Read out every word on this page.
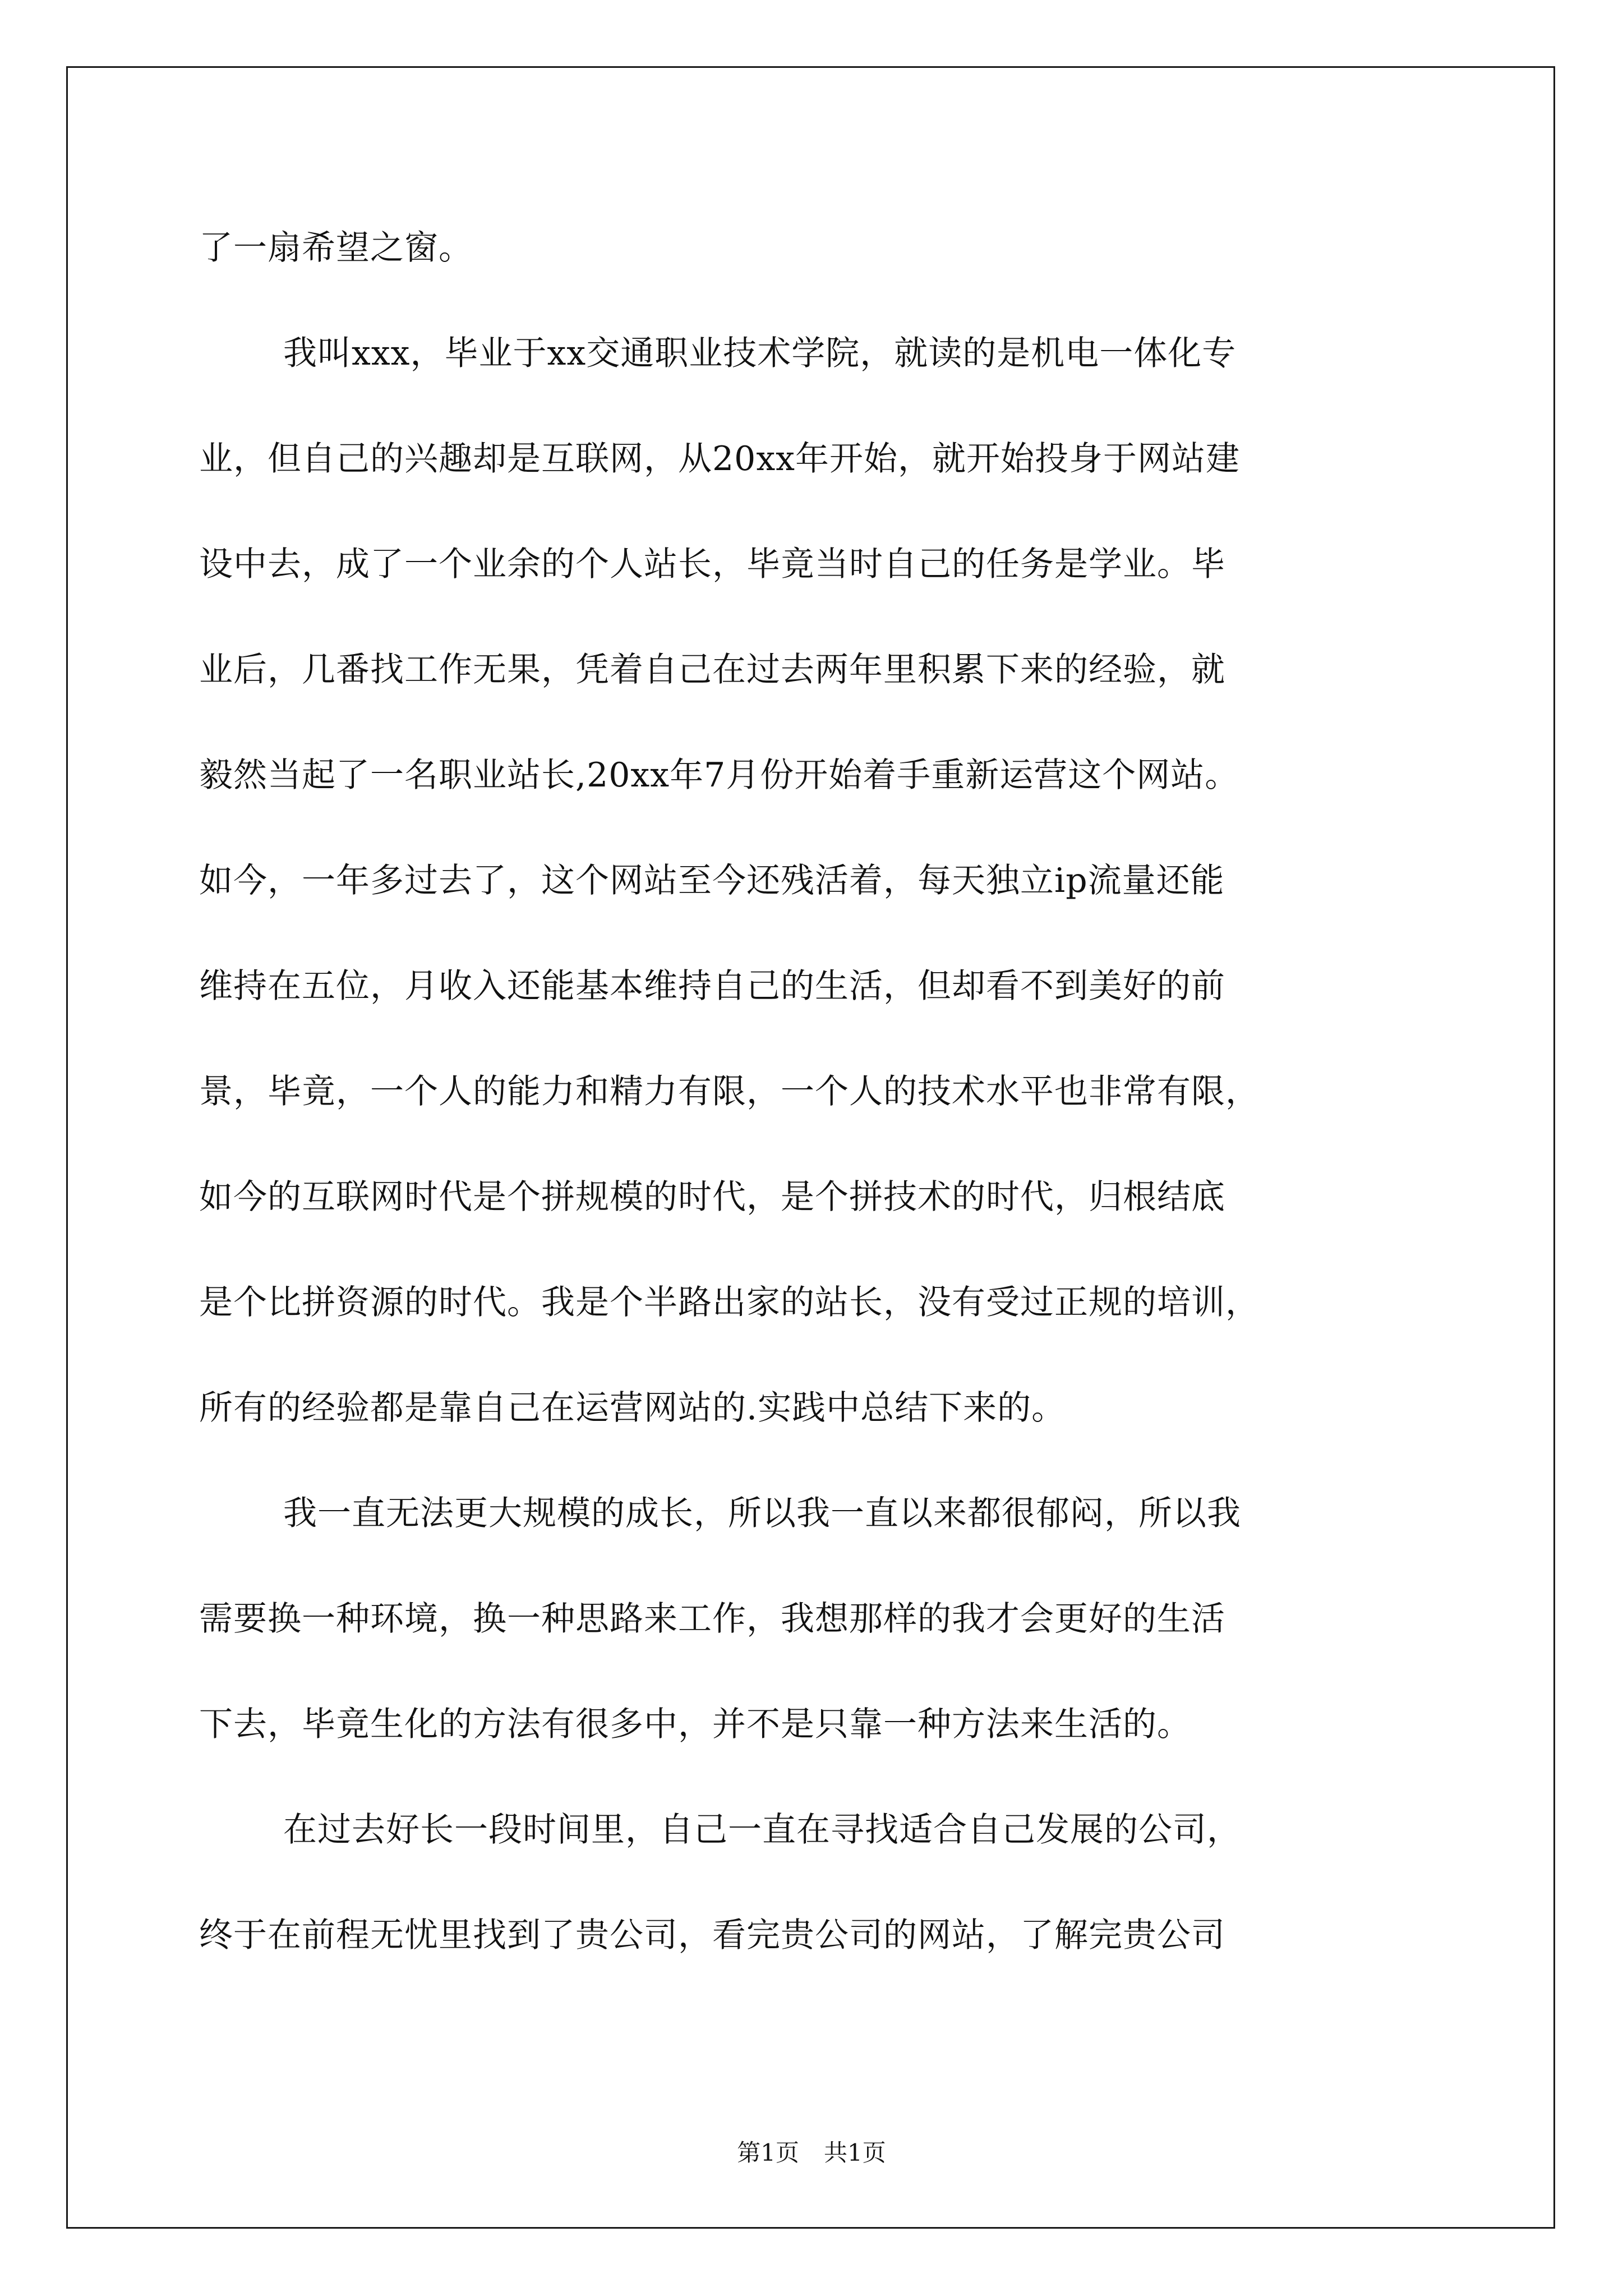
了一扇希望之窗。
我叫xxx，毕业于xx交通职业技术学院，就读的是机电一体化专
业，但自己的兴趣却是互联网，从20xx年开始，就开始投身于网站建
设中去，成了一个业余的个人站长，毕竟当时自己的任务是学业。毕
业后，几番找工作无果，凭着自己在过去两年里积累下来的经验，就
毅然当起了一名职业站长,20xx年7月份开始着手重新运营这个网站。
如今，一年多过去了，这个网站至今还残活着，每天独立ip流量还能
维持在五位，月收入还能基本维持自己的生活，但却看不到美好的前
景，毕竟，一个人的能力和精力有限，一个人的技术水平也非常有限，
如今的互联网时代是个拼规模的时代，是个拼技术的时代，归根结底
是个比拼资源的时代。我是个半路出家的站长，没有受过正规的培训，
所有的经验都是靠自己在运营网站的.实践中总结下来的。
我一直无法更大规模的成长，所以我一直以来都很郁闷，所以我
需要换一种环境，换一种思路来工作，我想那样的我才会更好的生活
下去，毕竟生化的方法有很多中，并不是只靠一种方法来生活的。
在过去好长一段时间里，自己一直在寻找适合自己发展的公司，
终于在前程无忧里找到了贵公司，看完贵公司的网站，了解完贵公司
第1页 共1页
